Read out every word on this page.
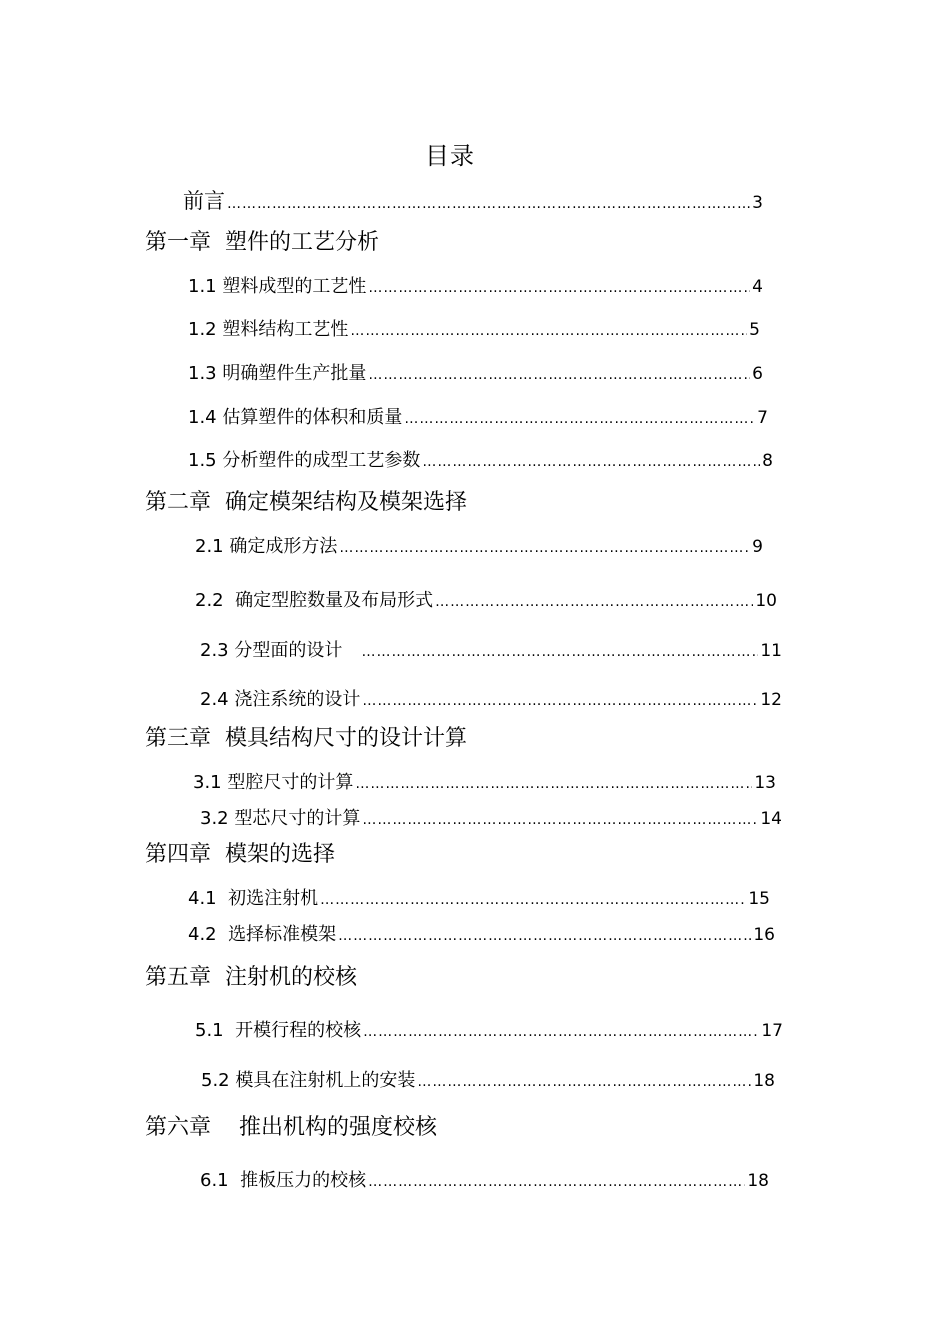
目录
前言 ………………………………………………………………………………………………………………………………………………………………………………	3
第一章  塑件的工艺分析
1.1 塑料成型的工艺性 ………………………………………………………………………………………………………………………………………………………………………………	4
1.2 塑料结构工艺性 ………………………………………………………………………………………………………………………………………………………………………………	5
1.3 明确塑件生产批量 ………………………………………………………………………………………………………………………………………………………………………………	6
1.4 估算塑件的体积和质量 ………………………………………………………………………………………………………………………………………………………………………………	7
1.5 分析塑件的成型工艺参数 ………………………………………………………………………………………………………………………………………………………………………………	8
第二章  确定模架结构及模架选择
2.1 确定成形方法 ………………………………………………………………………………………………………………………………………………………………………………	9
2.2  确定型腔数量及布局形式 ………………………………………………………………………………………………………………………………………………………………………………	10
2.3 分型面的设计 ………………………………………………………………………………………………………………………………………………………………………………	11
2.4 浇注系统的设计 ………………………………………………………………………………………………………………………………………………………………………………	12
第三章  模具结构尺寸的设计计算
3.1 型腔尺寸的计算 ………………………………………………………………………………………………………………………………………………………………………………	13
3.2 型芯尺寸的计算 ………………………………………………………………………………………………………………………………………………………………………………	14
第四章  模架的选择
4.1  初选注射机 ………………………………………………………………………………………………………………………………………………………………………………	15
4.2  选择标准模架 ………………………………………………………………………………………………………………………………………………………………………………	16
第五章  注射机的校核
5.1  开模行程的校核 ………………………………………………………………………………………………………………………………………………………………………………	17
5.2 模具在注射机上的安装 ………………………………………………………………………………………………………………………………………………………………………………	18
第六章    推出机构的强度校核
6.1  推板压力的校核 ………………………………………………………………………………………………………………………………………………………………………………	18
